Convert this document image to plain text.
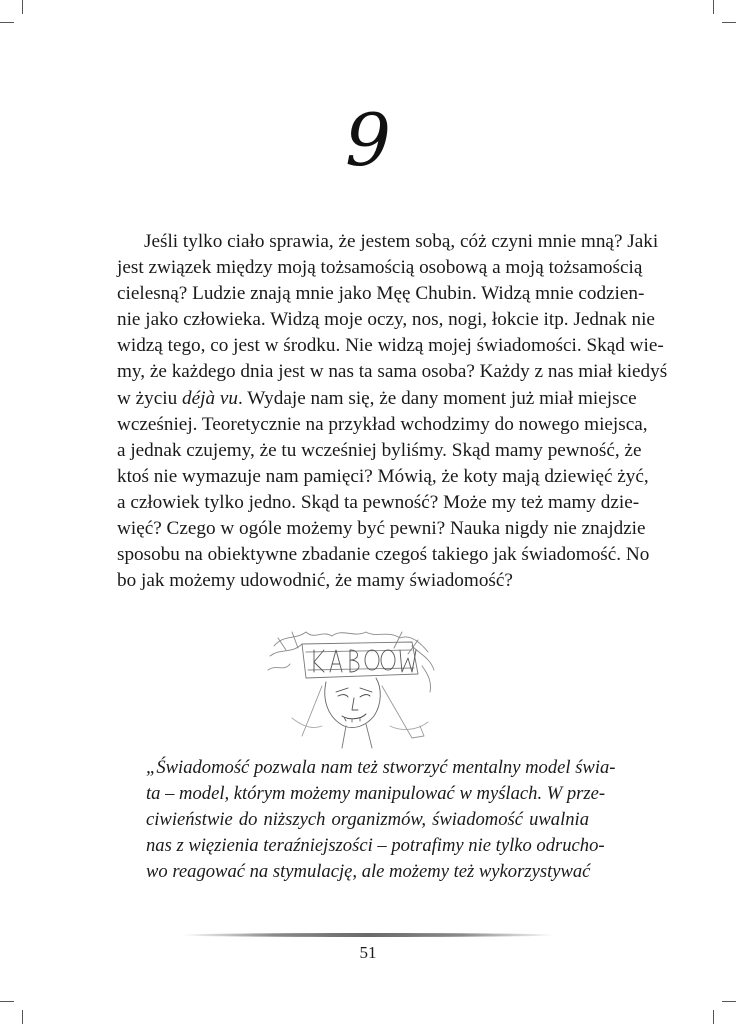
9
Jeśli tylko ciało sprawia, że jestem sobą, cóż czyni mnie mną? Jaki
jest związek między moją tożsamością osobową a moją tożsamością
cielesną? Ludzie znają mnie jako Męę Chubin. Widzą mnie codzien-
nie jako człowieka. Widzą moje oczy, nos, nogi, łokcie itp. Jednak nie
widzą tego, co jest w środku. Nie widzą mojej świadomości. Skąd wie-
my, że każdego dnia jest w nas ta sama osoba? Każdy z nas miał kiedyś
w życiu déjà vu. Wydaje nam się, że dany moment już miał miejsce
wcześniej. Teoretycznie na przykład wchodzimy do nowego miejsca,
a jednak czujemy, że tu wcześniej byliśmy. Skąd mamy pewność, że
ktoś nie wymazuje nam pamięci? Mówią, że koty mają dziewięć żyć,
a człowiek tylko jedno. Skąd ta pewność? Może my też mamy dzie-
więć? Czego w ogóle możemy być pewni? Nauka nigdy nie znajdzie
sposobu na obiektywne zbadanie czegoś takiego jak świadomość. No
bo jak możemy udowodnić, że mamy świadomość?
„Świadomość pozwala nam też stworzyć mentalny model świa-
ta – model, którym możemy manipulować w myślach. W prze-
ciwieństwie do niższych organizmów, świadomość uwalnia
nas z więzienia teraźniejszości – potrafimy nie tylko odrucho-
wo reagować na stymulację, ale możemy też wykorzystywać
51
